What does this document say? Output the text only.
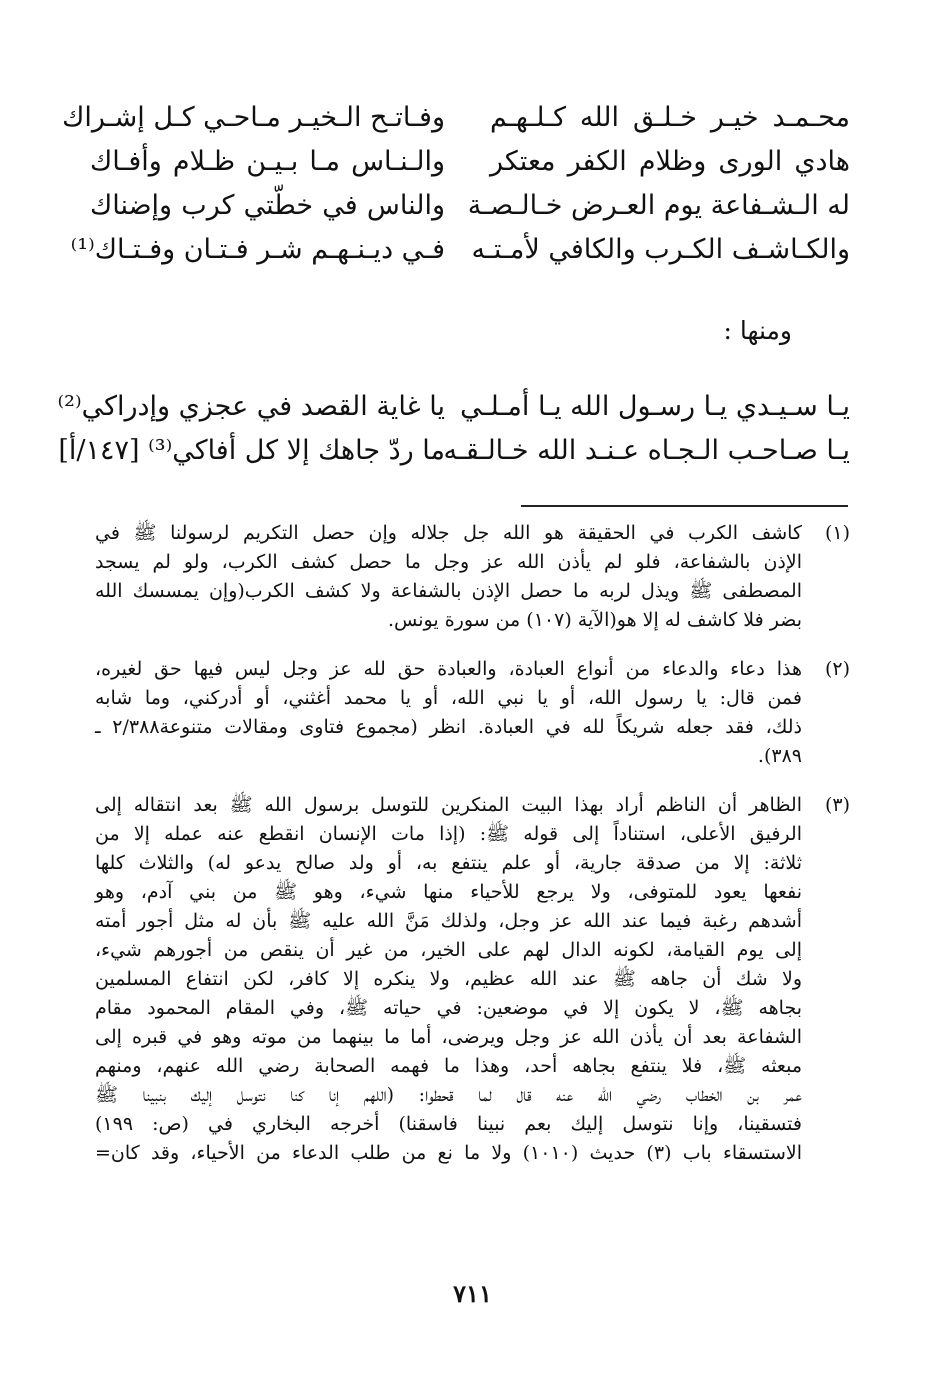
محـمـد خيـر خـلـق الله كـلـهـم
وفـاتـح الـخيـر مـاحـي كـل إشـراك
هادي الورى وظلام الكفر معتكر
والـنـاس مـا بـيـن ظـلام وأفـاك
له الـشـفاعة يوم العـرض خـالـصـة
والناس في خطّتي كرب وإضناك
والكـاشـف الكـرب والكافي لأمـتـه
فـي ديـنـهـم شـر فـتـان وفـتـاك⁽¹⁾
ومنها :
يـا سـيـدي يـا رسـول الله يـا أمـلـي
يا غاية القصد في عجزي وإدراكي⁽²⁾
يـا صـاحـب الـجـاه عـنـد الله خـالـقـه
ما ردّ جاهك إلا كل أفاكي⁽³⁾ [١٤٧/أ]
(١)
كاشف الكرب في الحقيقة هو الله جل جلاله وإن حصل التكريم لرسولنا ﷺ في
الإذن بالشفاعة، فلو لم يأذن الله عز وجل ما حصل كشف الكرب، ولو لم يسجد
المصطفى ﷺ ويذل لربه ما حصل الإذن بالشفاعة ولا كشف الكرب(وإن يمسسك الله
بضر فلا كاشف له إلا هو(الآية (١٠٧) من سورة يونس.
(٢)
هذا دعاء والدعاء من أنواع العبادة، والعبادة حق لله عز وجل ليس فيها حق لغيره،
فمن قال: يا رسول الله، أو يا نبي الله، أو يا محمد أغثني، أو أدركني، وما شابه
ذلك، فقد جعله شريكاً لله في العبادة. انظر (مجموع فتاوى ومقالات متنوعة٢/٣٨٨ ـ
٣٨٩).
(٣)
الظاهر أن الناظم أراد بهذا البيت المنكرين للتوسل برسول الله ﷺ بعد انتقاله إلى
الرفيق الأعلى، استناداً إلى قوله ﷺ: (إذا مات الإنسان انقطع عنه عمله إلا من
ثلاثة: إلا من صدقة جارية، أو علم ينتفع به، أو ولد صالح يدعو له) والثلاث كلها
نفعها يعود للمتوفى، ولا يرجع للأحياء منها شيء، وهو ﷺ من بني آدم، وهو
أشدهم رغبة فيما عند الله عز وجل، ولذلك مَنَّ الله عليه ﷺ بأن له مثل أجور أمته
إلى يوم القيامة، لكونه الدال لهم على الخير، من غير أن ينقص من أجورهم شيء،
ولا شك أن جاهه ﷺ عند الله عظيم، ولا ينكره إلا كافر، لكن انتفاع المسلمين
بجاهه ﷺ، لا يكون إلا في موضعين: في حياته ﷺ، وفي المقام المحمود مقام
الشفاعة بعد أن يأذن الله عز وجل ويرضى، أما ما بينهما من موته وهو في قبره إلى
مبعثه ﷺ، فلا ينتفع بجاهه أحد، وهذا ما فهمه الصحابة رضي الله عنهم، ومنهم
عمر بن الخطاب رضي الله عنه قال لما قحطوا: (اللهم إنا كنا نتوسل إليك بنبينا ﷺ
فتسقينا، وإنا نتوسل إليك بعم نبينا فاسقنا) أخرجه البخاري في (ص: ١٩٩)
الاستسقاء باب (٣) حديث (١٠١٠) ولا ما نع من طلب الدعاء من الأحياء، وقد كان=
٧١١
